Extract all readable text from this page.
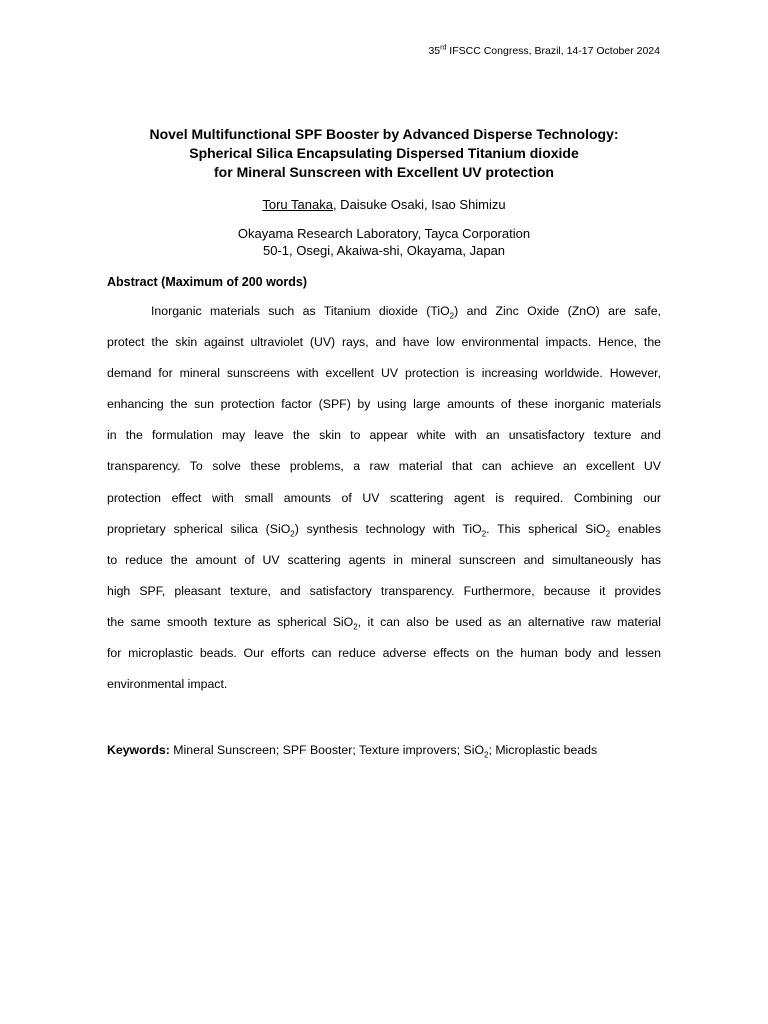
35rd IFSCC Congress, Brazil, 14-17 October 2024
Novel Multifunctional SPF Booster by Advanced Disperse Technology:
Spherical Silica Encapsulating Dispersed Titanium dioxide
for Mineral Sunscreen with Excellent UV protection
Toru Tanaka, Daisuke Osaki, Isao Shimizu
Okayama Research Laboratory, Tayca Corporation
50-1, Osegi, Akaiwa-shi, Okayama, Japan
Abstract (Maximum of 200 words)
Inorganic materials such as Titanium dioxide (TiO$_2$) and Zinc Oxide (ZnO) are safe,
protect the skin against ultraviolet (UV) rays, and have low environmental impacts. Hence, the
demand for mineral sunscreens with excellent UV protection is increasing worldwide. However,
enhancing the sun protection factor (SPF) by using large amounts of these inorganic materials
in the formulation may leave the skin to appear white with an unsatisfactory texture and
transparency. To solve these problems, a raw material that can achieve an excellent UV
protection effect with small amounts of UV scattering agent is required. Combining our
proprietary spherical silica (SiO$_2$) synthesis technology with TiO$_2$. This spherical SiO$_2$ enables
to reduce the amount of UV scattering agents in mineral sunscreen and simultaneously has
high SPF, pleasant texture, and satisfactory transparency. Furthermore, because it provides
the same smooth texture as spherical SiO$_2$, it can also be used as an alternative raw material
for microplastic beads. Our efforts can reduce adverse effects on the human body and lessen
environmental impact.
Keywords: Mineral Sunscreen; SPF Booster; Texture improvers; SiO$_2$; Microplastic beads
